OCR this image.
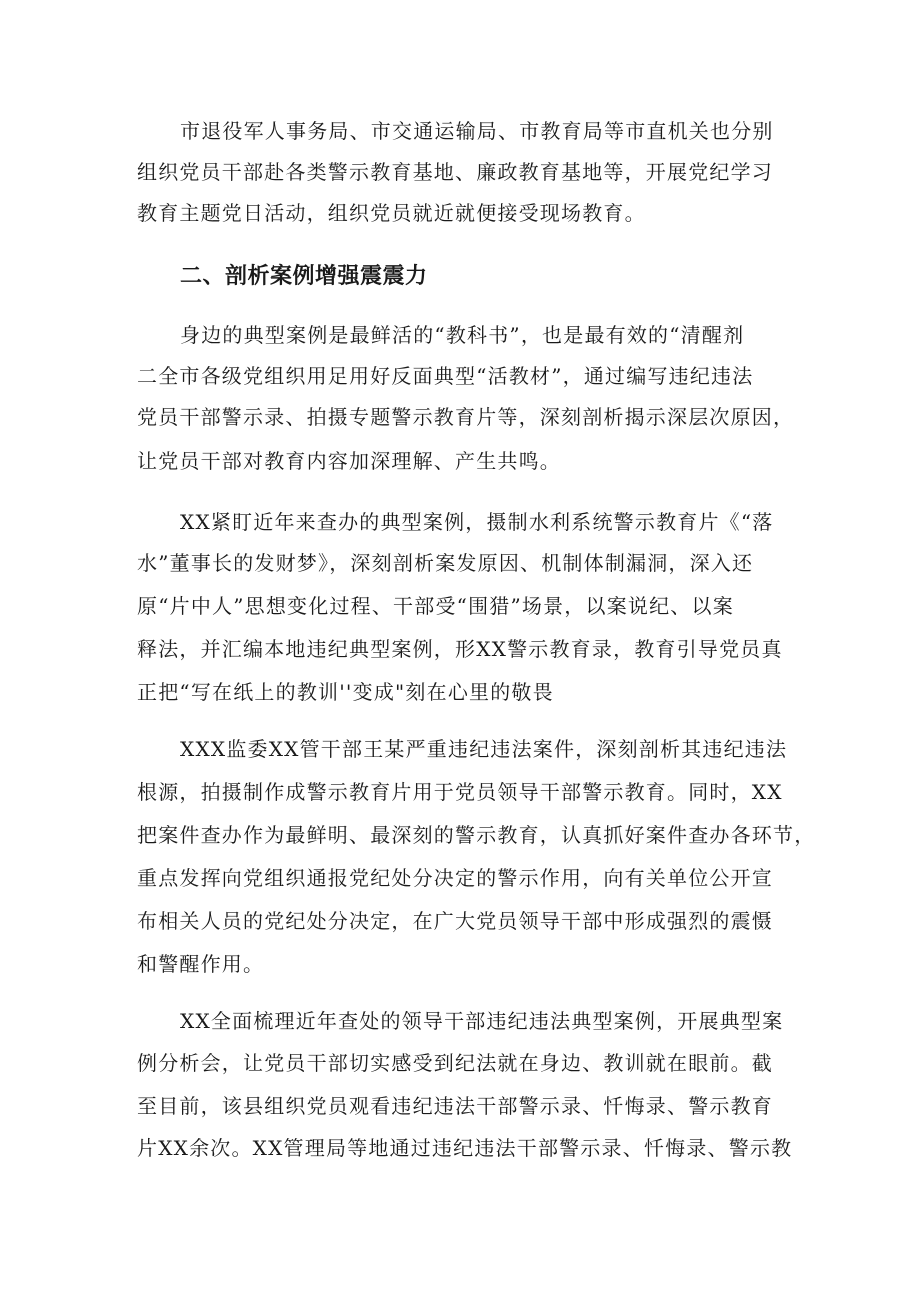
市退役军人事务局、市交通运输局、市教育局等市直机关也分别
组织党员干部赴各类警示教育基地、廉政教育基地等，开展党纪学习
教育主题党日活动，组织党员就近就便接受现场教育。
二、剖析案例增强震震力
身边的典型案例是最鲜活的“教科书”，也是最有效的“清醒剂
二全市各级党组织用足用好反面典型“活教材”，通过编写违纪违法
党员干部警示录、拍摄专题警示教育片等，深刻剖析揭示深层次原因，
让党员干部对教育内容加深理解、产生共鸣。
XX紧盯近年来查办的典型案例，摄制水利系统警示教育片《“落
水”董事长的发财梦》，深刻剖析案发原因、机制体制漏洞，深入还
原“片中人”思想变化过程、干部受“围猎”场景，以案说纪、以案
释法，并汇编本地违纪典型案例，形XX警示教育录，教育引导党员真
正把“写在纸上的教训''变成"刻在心里的敬畏
XXX监委XX管干部王某严重违纪违法案件，深刻剖析其违纪违法
根源，拍摄制作成警示教育片用于党员领导干部警示教育。同时，XX
把案件查办作为最鲜明、最深刻的警示教育，认真抓好案件查办各环节，
重点发挥向党组织通报党纪处分决定的警示作用，向有关单位公开宣
布相关人员的党纪处分决定，在广大党员领导干部中形成强烈的震慑
和警醒作用。
XX全面梳理近年查处的领导干部违纪违法典型案例，开展典型案
例分析会，让党员干部切实感受到纪法就在身边、教训就在眼前。截
至目前，该县组织党员观看违纪违法干部警示录、忏悔录、警示教育
片XX余次。XX管理局等地通过违纪违法干部警示录、忏悔录、警示教
